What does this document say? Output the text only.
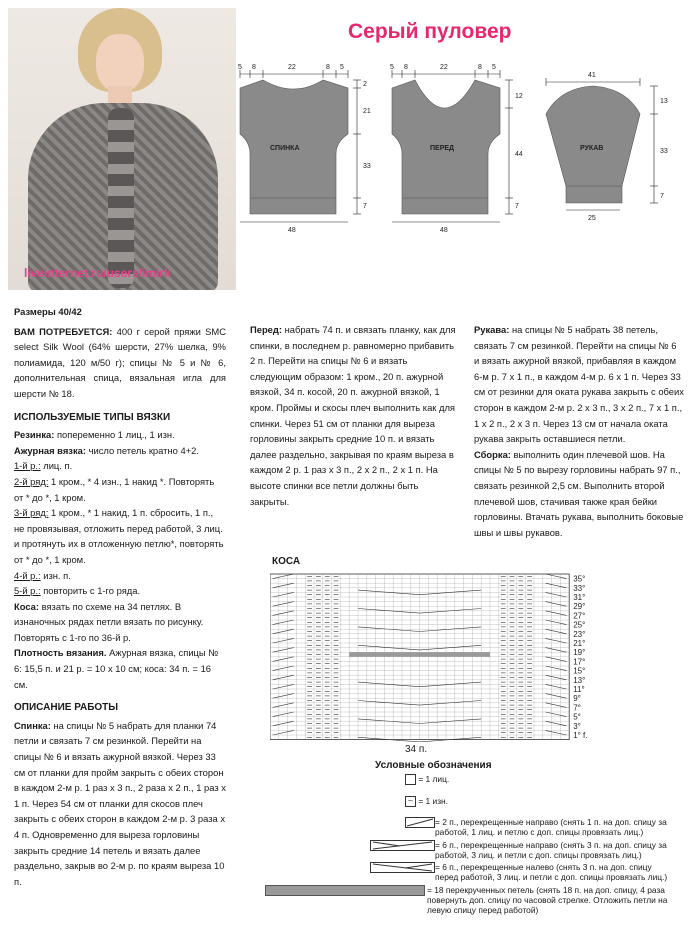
liveinternet.ru/users/imirk
Серый пуловер
5 8	22	8 5
2
21
33
7
48
5 8	22	8 5
12
44
7
48
41
13
33
7
25
СПИНКА	ПЕРЕД	РУКАВ

Размеры 40/42

ВАМ ПОТРЕБУЕТСЯ: 400 г серой пряжи SMC select Silk Wool (64% шерсти, 27% шелка, 9% полиамида, 120 м/50 г); спицы № 5 и № 6, дополнительная спица, вязальная игла для шерсти № 18.

ИСПОЛЬЗУЕМЫЕ ТИПЫ ВЯЗКИ

Резинка: попеременно 1 лиц., 1 изн.

Ажурная вязка: число петель кратно 4+2.

1-й р.: лиц. п.

2-й ряд: 1 кром., * 4 изн., 1 накид *. Повторять от * до *, 1 кром.

3-й ряд: 1 кром., * 1 накид, 1 п. сбросить, 1 п., не провязывая, отложить перед работой, 3 лиц. и протянуть их в отложенную петлю*, повторять от * до *, 1 кром.

4-й р.: изн. п.

5-й р.: повторить с 1-го ряда.

Коса: вязать по схеме на 34 петлях. В изнаночных рядах петли вязать по рисунку. Повторять с 1-го по 36-й р.

Плотность вязания. Ажурная вязка, спицы № 6: 15,5 п. и 21 р. = 10 х 10 см; коса: 34 п. = 16 см.

ОПИСАНИЕ РАБОТЫ

Спинка: на спицы № 5 набрать для планки 74 петли и связать 7 см резинкой. Перейти на спицы № 6 и вязать ажурной вязкой. Через 33 см от планки для пройм закрыть с обеих сторон в каждом 2-м р. 1 раз х 3 п., 2 раза х 2 п., 1 раз х 1 п. Через 54 см от планки для скосов плеч закрыть с обеих сторон в каждом 2-м р. 3 раза х 4 п. Одновременно для выреза горловины закрыть средние 14 петель и вязать далее раздельно, закрыв во 2-м р. по краям выреза 10 п.

Перед: набрать 74 п. и связать планку, как для спинки, в последнем р. равномерно прибавить 2 п. Перейти на спицы № 6 и вязать следующим образом: 1 кром., 20 п. ажурной вязкой, 34 п. косой, 20 п. ажурной вязкой, 1 кром. Проймы и скосы плеч выполнить как для спинки. Через 51 см от планки для выреза горловины закрыть средние 10 п. и вязать далее раздельно, закрывая по краям выреза в каждом 2 р. 1 раз х 3 п., 2 х 2 п., 2 х 1 п. На высоте спинки все петли должны быть закрыты.

Рукава: на спицы № 5 набрать 38 петель, связать 7 см резинкой. Перейти на спицы № 6 и вязать ажурной вязкой, прибавляя в каждом 6-м р. 7 х 1 п., в каждом 4-м р. 6 х 1 п. Через 33 см от резинки для оката рукава закрыть с обеих сторон в каждом 2-м р. 2 х 3 п., 3 х 2 п., 7 х 1 п., 1 х 2 п., 2 х 3 п. Через 13 см от начала оката рукава закрыть оставшиеся петли.

Сборка: выполнить один плечевой шов. На спицы № 5 по вырезу горловины набрать 97 п., связать резинкой 2,5 см. Выполнить второй плечевой шов, стачивая также края бейки горловины. Втачать рукава, выполнить боковые швы и швы рукавов.

КОСА
35°
33°
31°
29°
27°
25°
23°
21°
19°
17°
15°
13°
11°
9°
7°
5°
3°
1° f.
34 п.
Условные обозначения
= 1 лиц.
– = 1 изн.
= 2 п., перекрещенные направо (снять 1 п. на доп. спицу за работой, 1 лиц. и петлю с доп. спицы провязать лиц.)
= 6 п., перекрещенные направо (снять 3 п. на доп. спицу за работой, 3 лиц. и петли с доп. спицы провязать лиц.)
= 6 п., перекрещенные налево (снять 3 п. на доп. спицу перед работой, 3 лиц. и петли с доп. спицы провязать лиц.)
= 18 перекрученных петель (снять 18 п. на доп. спицу, 4 раза повернуть доп. спицу по часовой стрелке. Отложить петли на левую спицу перед работой)
